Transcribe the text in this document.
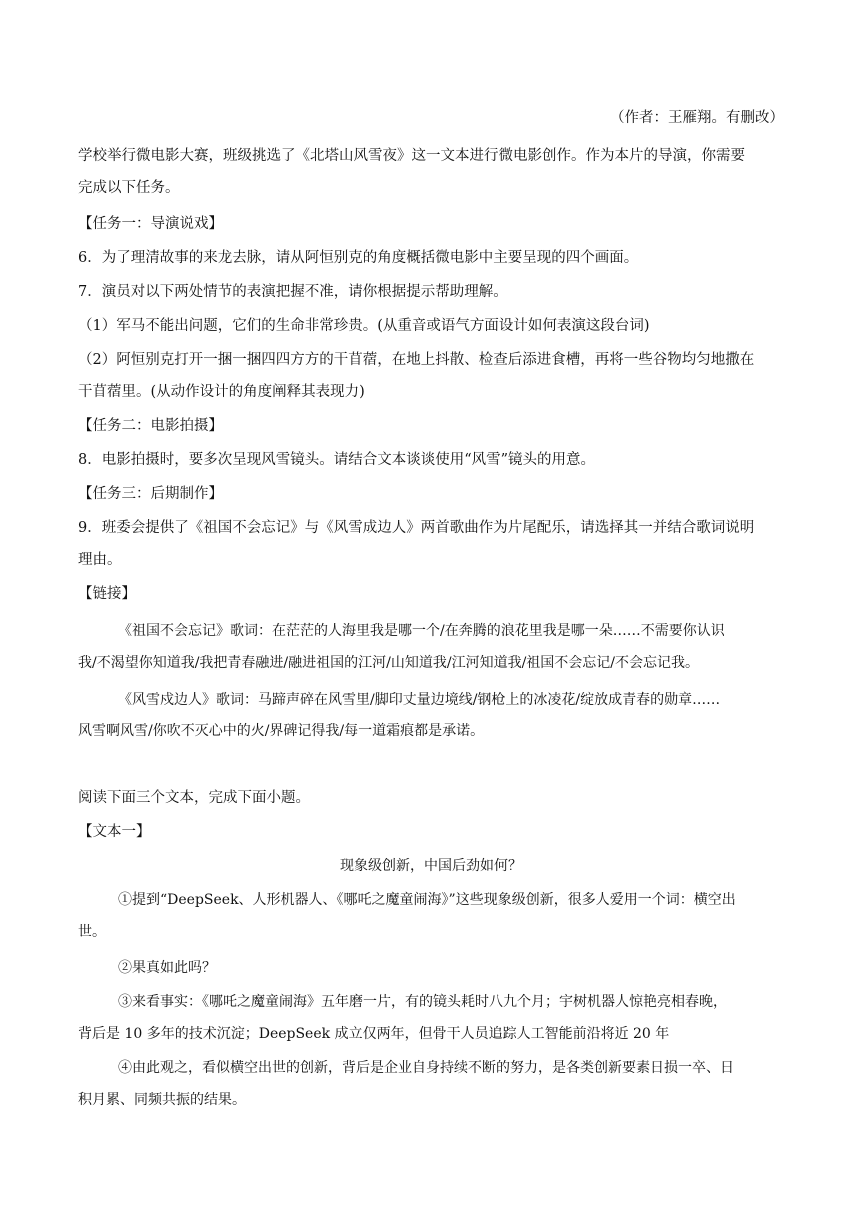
（作者：王雁翔。有删改）
学校举行微电影大赛，班级挑选了《北塔山风雪夜》这一文本进行微电影创作。作为本片的导演，你需要
完成以下任务。
【任务一：导演说戏】
6．为了理清故事的来龙去脉，请从阿恒别克的角度概括微电影中主要呈现的四个画面。
7．演员对以下两处情节的表演把握不准，请你根据提示帮助理解。
（1）军马不能出问题，它们的生命非常珍贵。(从重音或语气方面设计如何表演这段台词)
（2）阿恒别克打开一捆一捆四四方方的干苜蓿，在地上抖散、检查后添进食槽，再将一些谷物均匀地撒在
干苜蓿里。(从动作设计的角度阐释其表现力)
【任务二：电影拍摄】
8．电影拍摄时，要多次呈现风雪镜头。请结合文本谈谈使用“风雪”镜头的用意。
【任务三：后期制作】
9．班委会提供了《祖国不会忘记》与《风雪成边人》两首歌曲作为片尾配乐，请选择其一并结合歌词说明
理由。
【链接】
《祖国不会忘记》歌词：在茫茫的人海里我是哪一个/在奔腾的浪花里我是哪一朵……不需要你认识
我/不渴望你知道我/我把青春融进/融进祖国的江河/山知道我/江河知道我/祖国不会忘记/不会忘记我。
《风雪戍边人》歌词：马蹄声碎在风雪里/脚印丈量边境线/钢枪上的冰凌花/绽放成青春的勋章……
风雪啊风雪/你吹不灭心中的火/界碑记得我/每一道霜痕都是承诺。
阅读下面三个文本，完成下面小题。
【文本一】
现象级创新，中国后劲如何？
①提到“DeepSeek、人形机器人、《哪吒之魔童闹海》”这些现象级创新，很多人爱用一个词：横空出
世。
②果真如此吗？
③来看事实：《哪吒之魔童闹海》五年磨一片，有的镜头耗时八九个月；宇树机器人惊艳亮相春晚，
背后是 10 多年的技术沉淀；DeepSeek 成立仅两年，但骨干人员追踪人工智能前沿将近 20 年
④由此观之，看似横空出世的创新，背后是企业自身持续不断的努力，是各类创新要素日损一卒、日
积月累、同频共振的结果。
